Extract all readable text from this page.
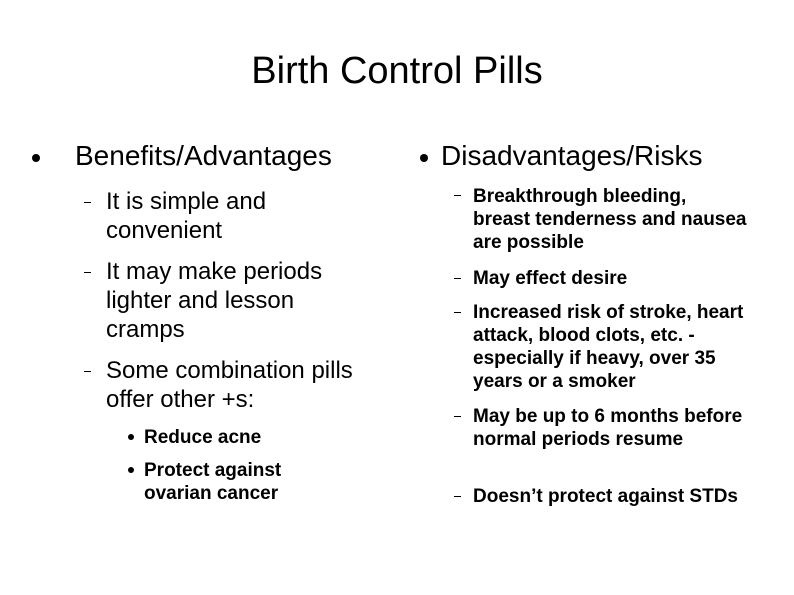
Birth Control Pills
Benefits/Advantages
It is simple and convenient
It may make periods lighter and lesson cramps
Some combination pills offer other +s:
Reduce acne
Protect against ovarian cancer
Disadvantages/Risks
Breakthrough bleeding, breast tenderness and nausea are possible
May effect desire
Increased risk of stroke, heart attack, blood clots, etc. - especially if heavy, over 35 years or a smoker
May be up to 6 months before normal periods resume
Doesn’t protect against STDs
